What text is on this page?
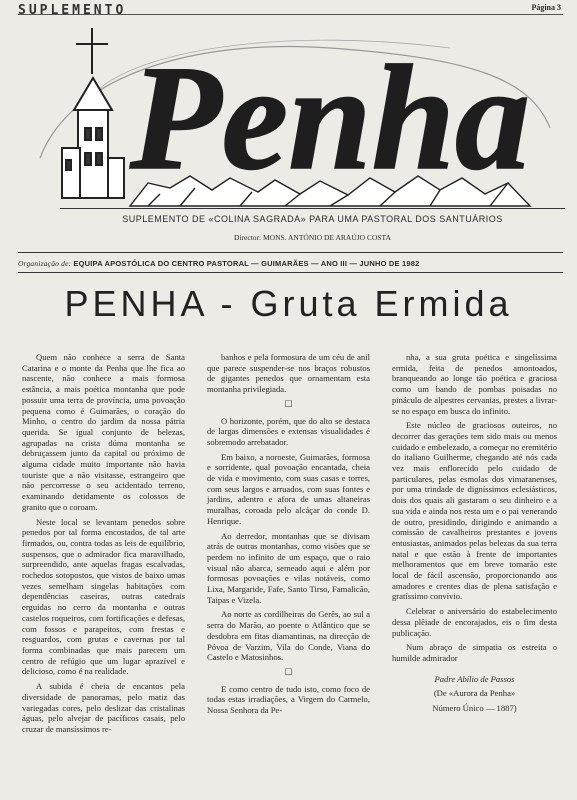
SUPLEMENTO	Página 3
Penha
SUPLEMENTO DE «COLINA SAGRADA» PARA UMA PASTORAL DOS SANTUÁRIOS
Director: MONS. ANTÓNIO DE ARAÚJO COSTA
Organização de: EQUIPA APOSTÓLICA DO CENTRO PASTORAL — GUIMARÃES — ANO III — JUNHO DE 1982
PENHA - Gruta Ermida

Quem não conhece a serra de Santa Catarina e o monte da Penha que lhe fica ao nascente, não conhece a mais formosa estância, a mais poética montanha que pode possuir uma terra de província, uma povoação pequena como é Guimarães, o coração do Minho, o centro do jardim da nossa pátria querida. Se igual conjunto de belezas, agrupadas na crista dúma montanha se debruçassem junto da capital ou próximo de alguma cidade muito importante não havia touriste que a não visitasse, estrangeiro que não percorresse o seu acidentado terreno, examinando detidamente os colossos de granito que o coroam.

Neste local se levantam penedos sobre penedos por tal forma encostados, de tal arte firmados, ou, contra todas as leis de equilíbrio, suspensos, que o admirador fica maravilhado, surpreendido, ante aquelas fragas escalvadas, rochedos sotopostos, que vistos de baixo umas vezes semelham singelas habitações com dependências caseiras, outras catedrais erguidas no cerro da montanha e outras castelos roqueiros, com fortificações e defesas, com fossos e parapeitos, com frestas e resguardos, com grutas e cavernas por tal forma combinadas que mais parecem um centro de refúgio que um lugar aprazível e delicioso, como é na realidade.

A subida é cheia de encantos pela diversidade de panoramas, pelo matiz das variegadas cores, pelo deslizar das cristalinas águas, pelo alvejar de pacíficos casais, pelo cruzar de mansíssimos re-

banhos e pela formosura de um céu de anil que parece suspender-se nos braços robustos de gigantes penedos que ornamentam esta montanha privilegiada.

☐

O horizonte, porém, que do alto se destaca de largas dimensões e extensas visualidades é sobremodo arrebatador.

Em baixo, a noroeste, Guimarães, formosa e sorridente, qual povoação encantada, cheia de vida e movimento, com suas casas e torres, com seus largos e arruados, com suas fontes e jardins, adentro e afora de umas altaneiras muralhas, coroada pelo alcáçar do conde D. Henrique.

Ao derredor, montanhas que se divisam atrás de outras montanhas, como visões que se perdem no infinito de um espaço, que o raio visual não abarca, semeado aqui e além por formosas povoações e vilas notáveis, como Lixa, Margaride, Fafe, Santo Tirso, Famalicão, Taipas e Vizela.

Ao norte as cordilheiras do Gerês, ao sul a serra do Marão, ao poente o Atlântico que se desdobra em fitas diamantinas, na direcção de Póvoa de Varzim, Vila do Conde, Viana do Castelo e Matosinhos.

☐

E como centro de tudo isto, como foco de todas estas irradiações, a Virgem do Carmelo, Nossa Senhora da Pe-

nha, a sua gruta poética e singelíssima ermida, feita de penedos amontoados, branqueando ao longe tão poética e graciosa como um bando de pombas poisadas no pináculo de alpestres cervanias, prestes a livrar-se no espaço em busca do infinito.

Este núcleo de graciosos outeiros, no decorrer das gerações tem sido mais ou menos cuidado e embelezado, a começar no eremitério do italiano Guilherme, chegando até nós cada vez mais enflorecido pelo cuidado de particulares, pelas esmolas dos vimaranenses, por uma trindade de digníssimos eclesiásticos, dois dos quais ali gastaram o seu dinheiro e a sua vida e ainda nos resta um e o pai venerando de outro, presidindo, dirigindo e animando a comissão de cavalheiros prestantes e jovens entusiastas, animados pelas belezas da sua terra natal e que estão à frente de importantes melhoramentos que em breve tornarão este local de fácil ascensão, proporcionando aos amadores e crentes dias de plena satisfação e gratíssimo convívio.

Celebrar o aniversário do estabelecimento dessa plêiade de encorajados, eis o fim desta publicação.

Num abraço de simpatia os estreita o humilde admirador

Padre Abílio de Passos

(De «Aurora da Penha»

Número Único — 1887)
